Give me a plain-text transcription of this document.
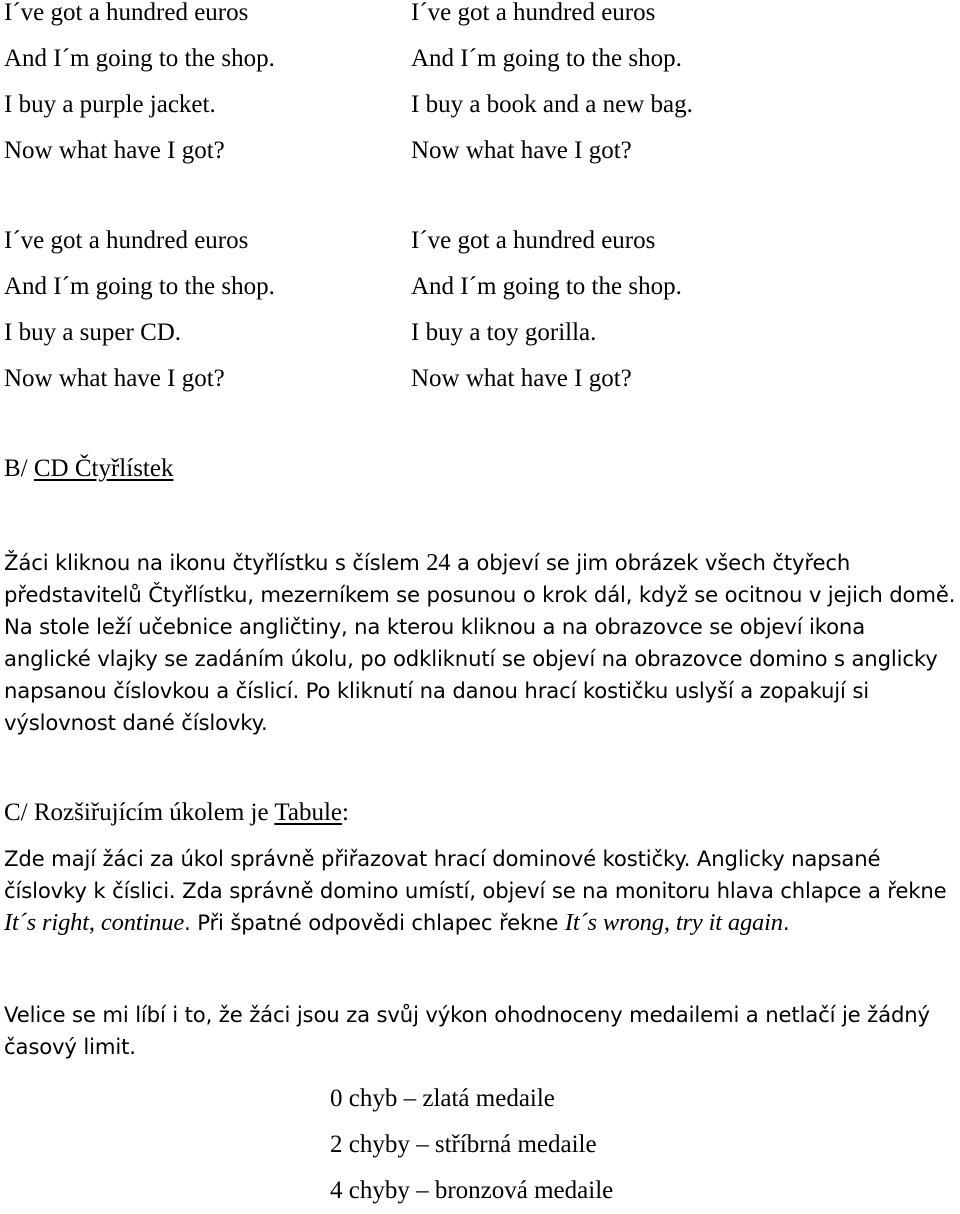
I´ve got a hundred euros
And I´m going to the shop.
I buy a purple jacket.
Now what have I got?
I´ve got a hundred euros
And I´m going to the shop.
I buy a book and a new bag.
Now what have I got?
I´ve got a hundred euros
And I´m going to the shop.
I buy a super CD.
Now what have I got?
I´ve got a hundred euros
And I´m going to the shop.
I buy a toy gorilla.
Now what have I got?
B/ CD Čtyřlístek
Žáci kliknou na ikonu čtyřlístku s číslem 24 a objeví se jim obrázek všech čtyřech představitelů Čtyřlístku, mezerníkem se posunou o krok dál, když se ocitnou v jejich domě. Na stole leží učebnice angličtiny, na kterou kliknou a na obrazovce se objeví ikona anglické vlajky se zadáním úkolu, po odkliknutí se objeví na obrazovce domino s anglicky napsanou číslovkou a číslicí. Po kliknutí na danou hrací kostičku uslyší a zopakují si výslovnost dané číslovky.
C/ Rozšiřujícím úkolem je Tabule:
Zde mají žáci za úkol správně přiřazovat hrací dominové kostičky. Anglicky napsané číslovky k číslici. Zda správně domino umístí, objeví se na monitoru hlava chlapce a řekne It´s right, continue. Při špatné odpovědi chlapec řekne It´s wrong, try it again.
Velice se mi líbí i to, že žáci jsou za svůj výkon ohodnoceny medailemi a netlačí je žádný časový limit.
0 chyb – zlatá medaile
2 chyby – stříbrná medaile
4 chyby – bronzová medaile
